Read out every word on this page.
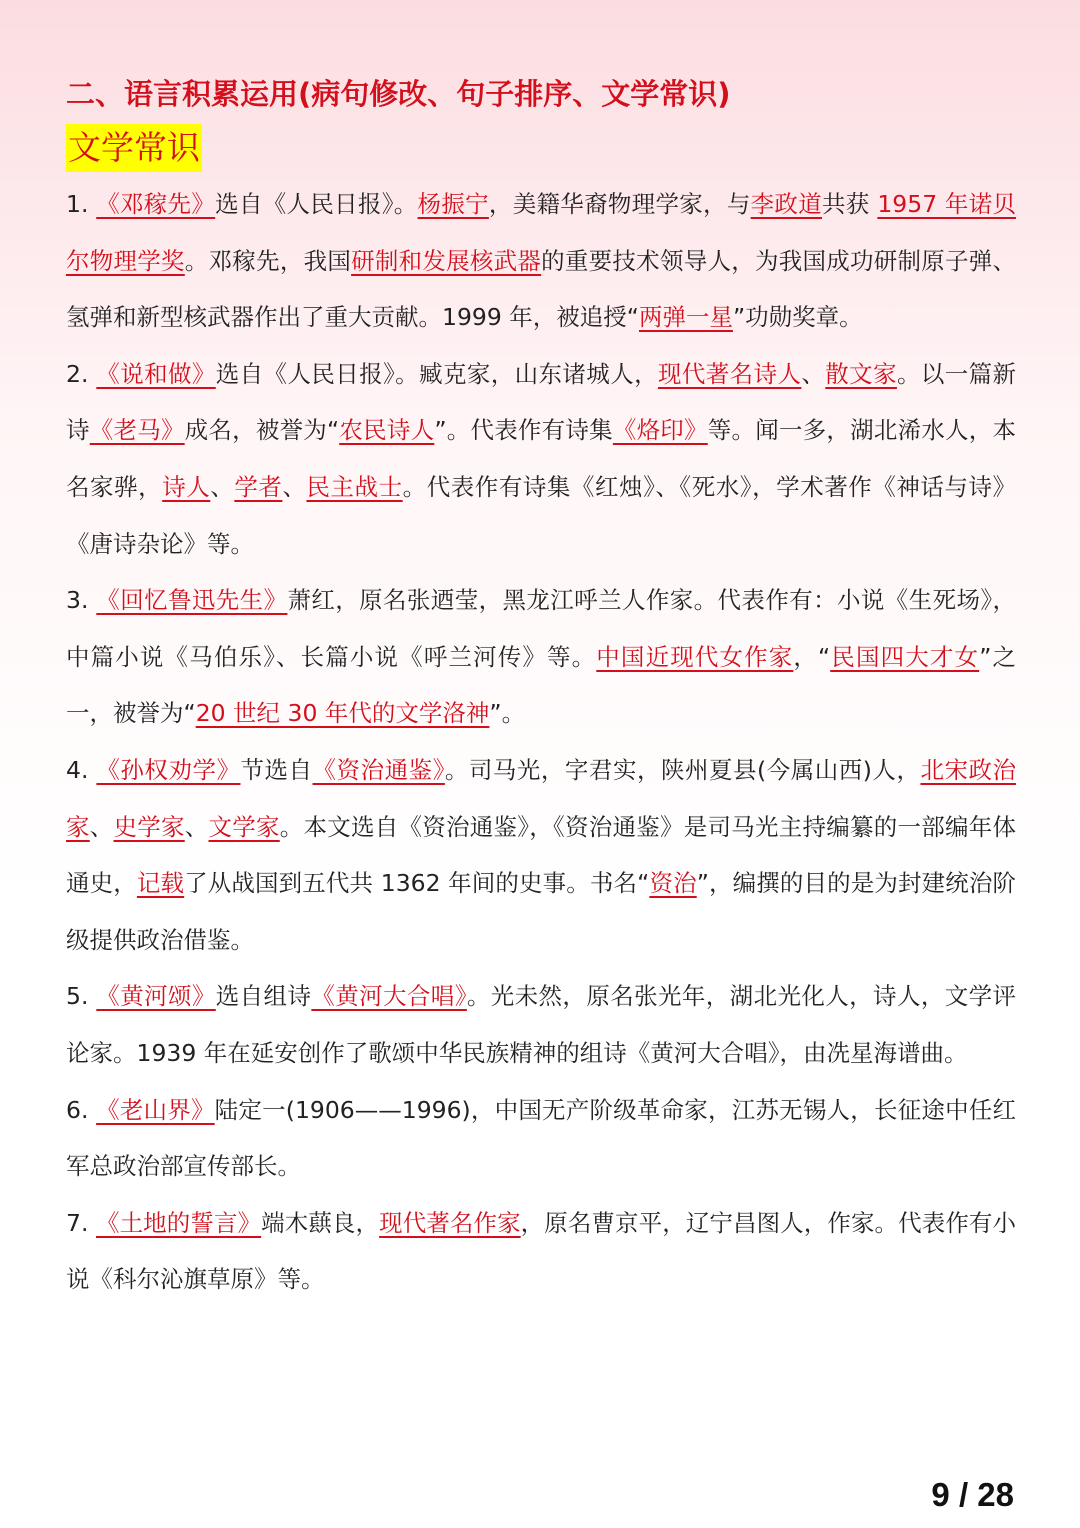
二、语言积累运用(病句修改、句子排序、文学常识)
文学常识

1. 《邓稼先》选自《人民日报》。杨振宁，美籍华裔物理学家，与李政道共获 1957 年诺贝尔物理学奖。邓稼先，我国研制和发展核武器的重要技术领导人，为我国成功研制原子弹、氢弹和新型核武器作出了重大贡献。1999 年，被追授“两弹一星”功勋奖章。

2. 《说和做》选自《人民日报》。臧克家，山东诸城人，现代著名诗人、散文家。以一篇新诗《老马》成名，被誉为“农民诗人”。代表作有诗集《烙印》等。闻一多，湖北浠水人，本名家骅，诗人、学者、民主战士。代表作有诗集《红烛》、《死水》，学术著作《神话与诗》《唐诗杂论》等。

3. 《回忆鲁迅先生》萧红，原名张迺莹，黑龙江呼兰人作家。代表作有：小说《生死场》，中篇小说《马伯乐》、长篇小说《呼兰河传》等。中国近现代女作家，“民国四大才女”之一，被誉为“20 世纪 30 年代的文学洛神”。

4. 《孙权劝学》节选自《资治通鉴》。司马光，字君实，陕州夏县(今属山西)人，北宋政治家、史学家、文学家。本文选自《资治通鉴》，《资治通鉴》是司马光主持编纂的一部编年体通史，记载了从战国到五代共 1362 年间的史事。书名“资治”，编撰的目的是为封建统治阶级提供政治借鉴。

5. 《黄河颂》选自组诗《黄河大合唱》。光未然，原名张光年，湖北光化人，诗人，文学评论家。1939 年在延安创作了歌颂中华民族精神的组诗《黄河大合唱》，由冼星海谱曲。

6. 《老山界》陆定一(1906——1996)，中国无产阶级革命家，江苏无锡人，长征途中任红军总政治部宣传部长。

7. 《土地的誓言》端木蕻良，现代著名作家，原名曹京平，辽宁昌图人，作家。代表作有小说《科尔沁旗草原》等。

9 / 28
